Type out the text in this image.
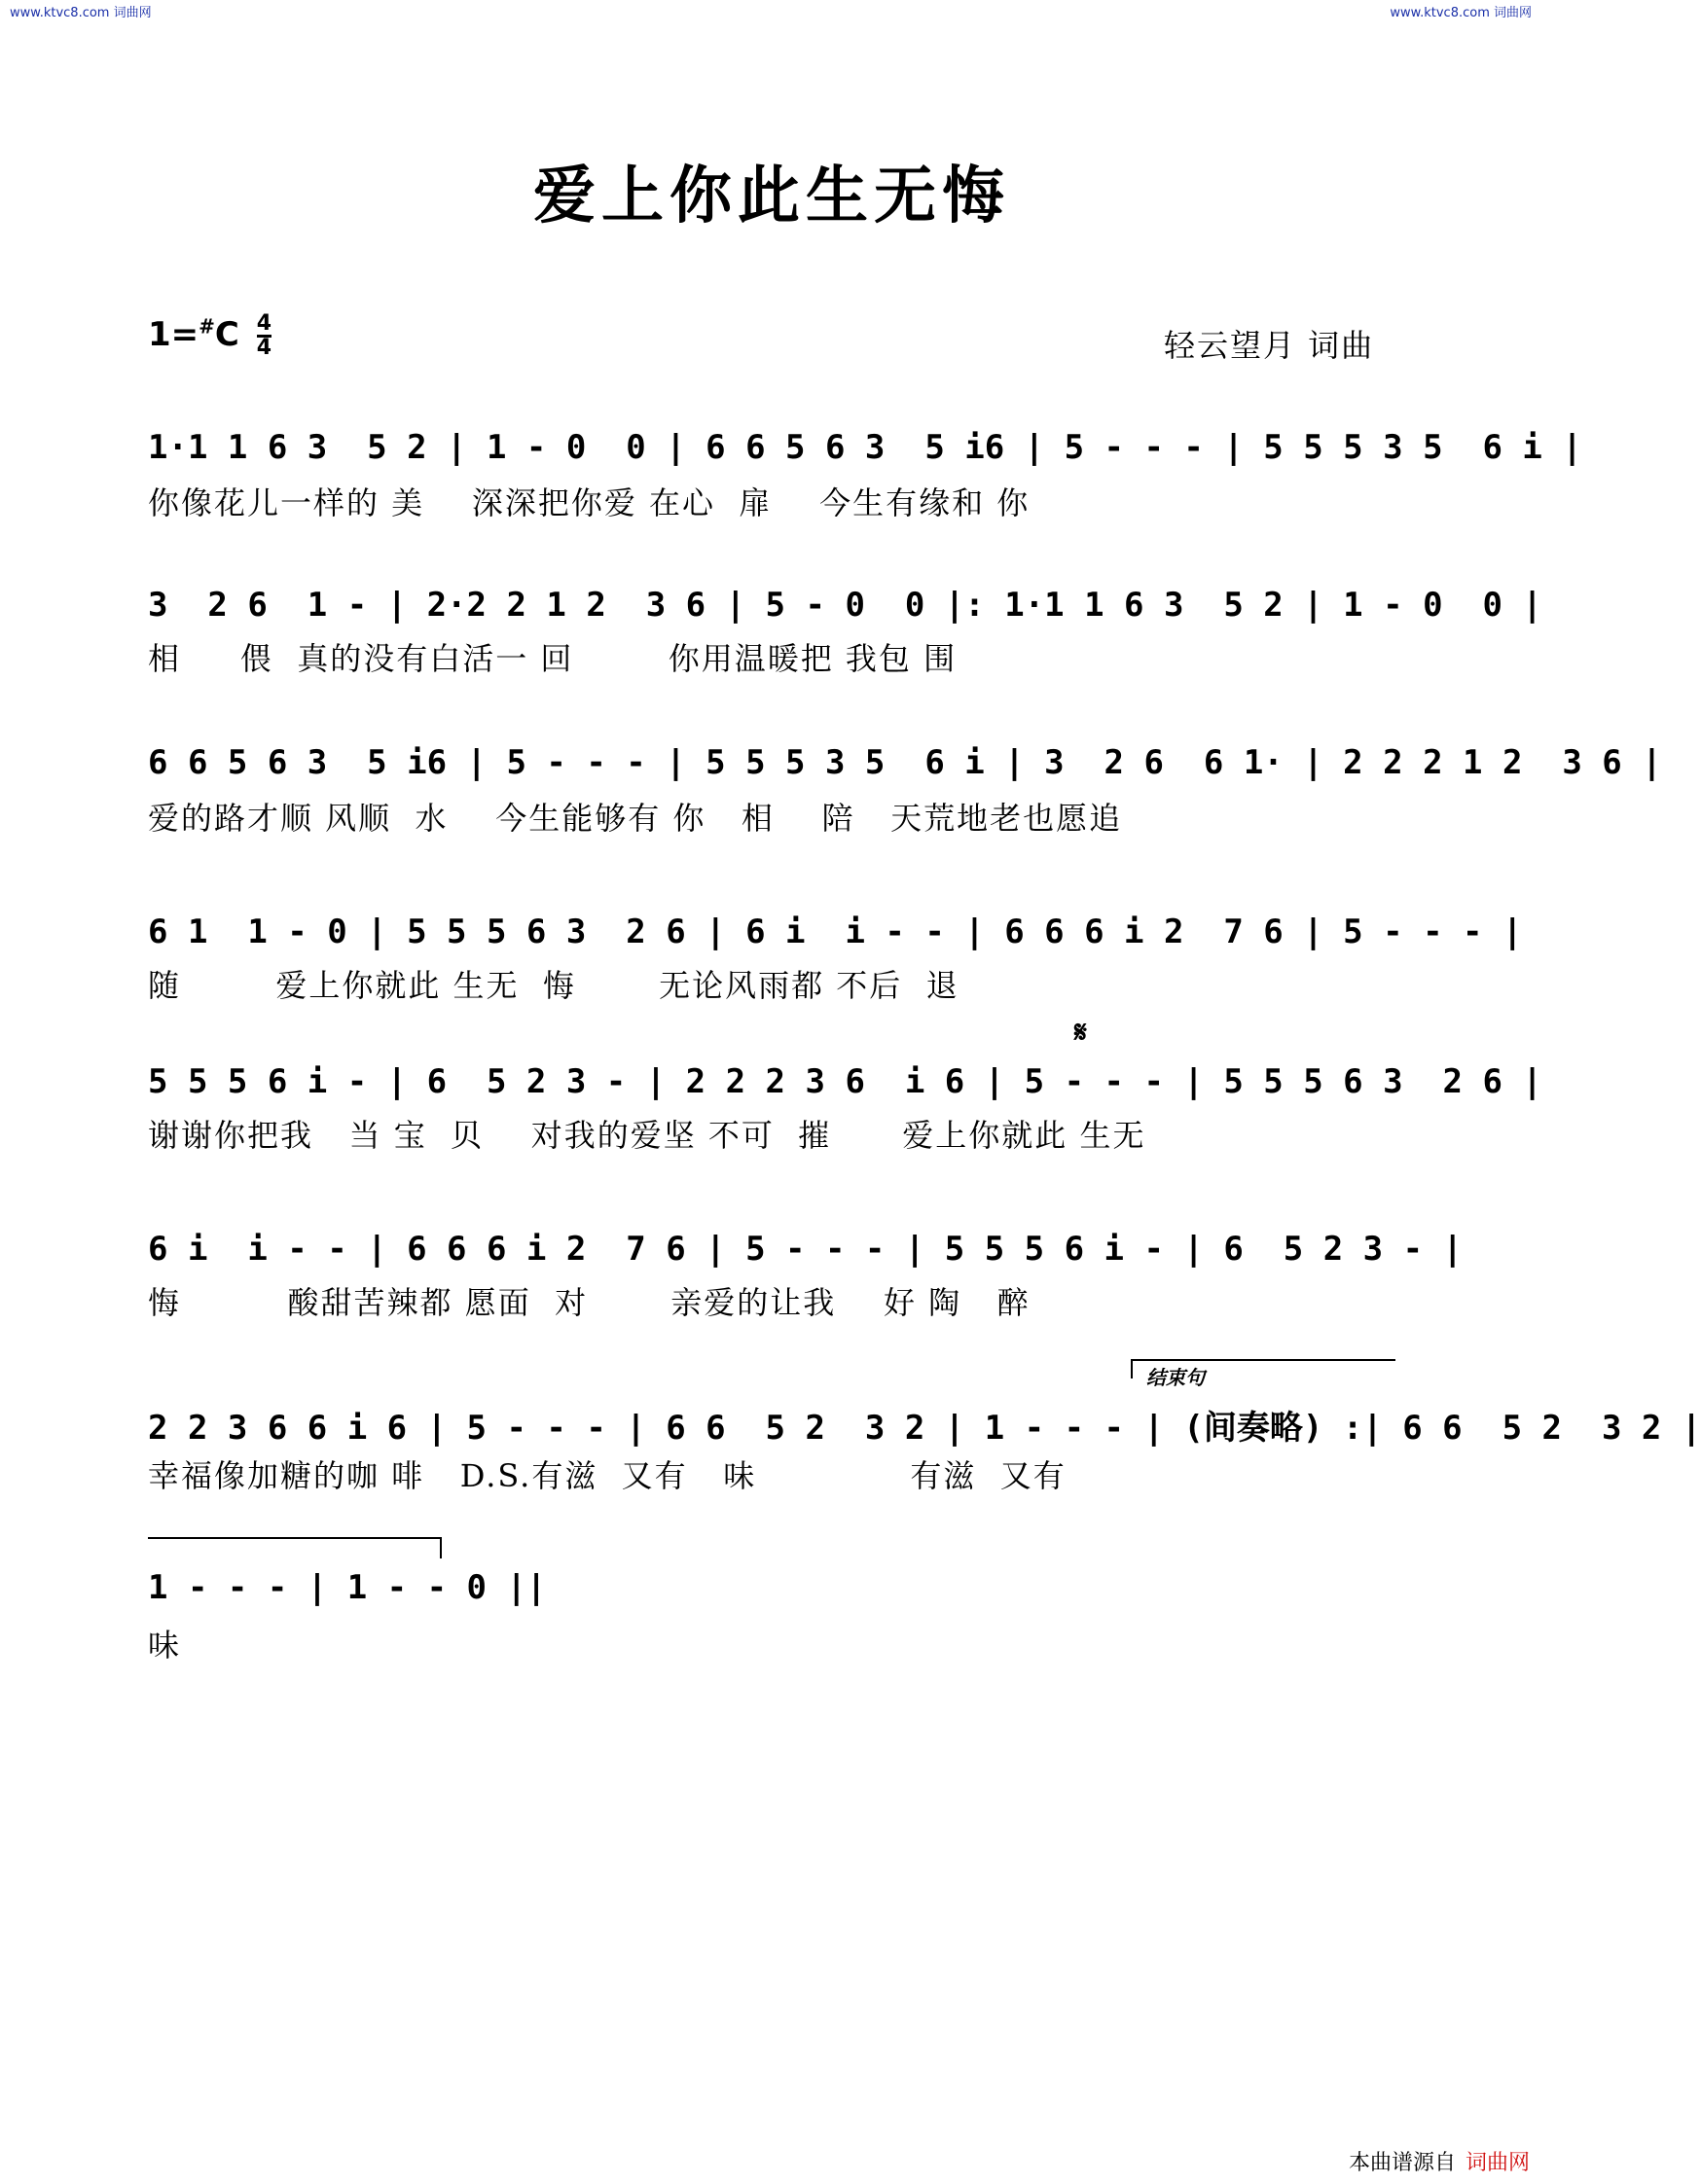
www.ktvc8.com 词曲网	www.ktvc8.com 词曲网
爱上你此生无悔
$1=^{\#}C \frac{4}{4}$	轻云望月 词曲
𝄋
结束句
1·1 1 6 3  5 2 | 1 - 0  0 | 6 6 5 6 3  5 i6 | 5 - - - | 5 5 5 3 5  6 i |
你像花儿一样的 美    深深把你爱 在心  扉    今生有缘和 你
3  2 6  1 - | 2·2 2 1 2  3 6 | 5 - 0  0 |: 1·1 1 6 3  5 2 | 1 - 0  0 |
相     偎  真的没有白活一 回        你用温暖把 我包 围
6 6 5 6 3  5 i6 | 5 - - - | 5 5 5 3 5  6 i | 3  2 6  6 1· | 2 2 2 1 2  3 6 |
爱的路才顺 风顺  水    今生能够有 你   相    陪   天荒地老也愿追
6 1  1 - 0 | 5 5 5 6 3  2 6 | 6 i  i - - | 6 6 6 i 2  7 6 | 5 - - - |
随        爱上你就此 生无  悔       无论风雨都 不后  退
5 5 5 6 i - | 6  5 2 3 - | 2 2 2 3 6  i 6 | 5 - - - | 5 5 5 6 3  2 6 |
谢谢你把我   当 宝  贝    对我的爱坚 不可  摧      爱上你就此 生无
6 i  i - - | 6 6 6 i 2  7 6 | 5 - - - | 5 5 5 6 i - | 6  5 2 3 - |
悔         酸甜苦辣都 愿面  对       亲爱的让我    好 陶   醉
2 2 3 6 6 i 6 | 5 - - - | 6 6  5 2  3 2 | 1 - - - | (间奏略) :| 6 6  5 2  3 2 |
幸福像加糖的咖 啡   D.S.有滋  又有   味             有滋  又有
1 - - - | 1 - - 0 ||
味
本曲谱源自 词曲网
